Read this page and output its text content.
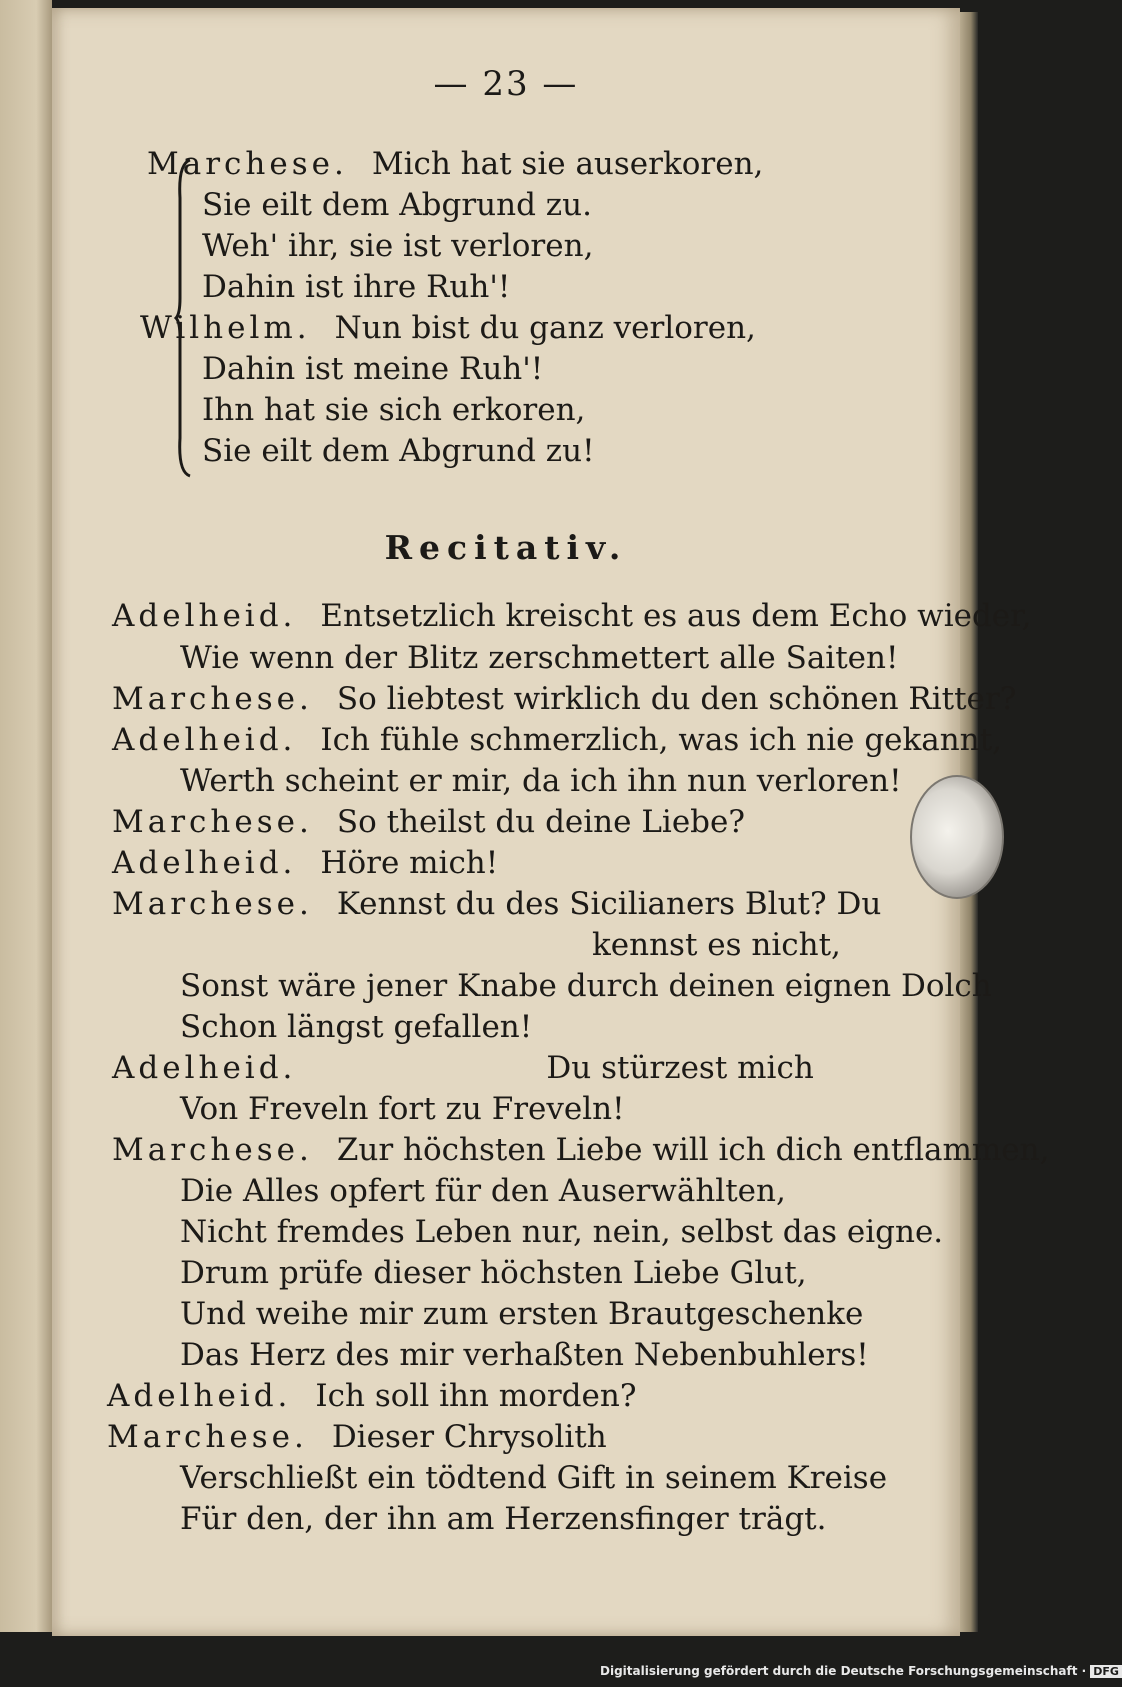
— 23 —
Marchese. Mich hat sie auserkoren,
Sie eilt dem Abgrund zu.
Weh' ihr, sie ist verloren,
Dahin ist ihre Ruh'!
Wilhelm. Nun bist du ganz verloren,
Dahin ist meine Ruh'!
Ihn hat sie sich erkoren,
Sie eilt dem Abgrund zu!
Recitativ.
Adelheid. Entsetzlich kreischt es aus dem Echo wieder,
Wie wenn der Blitz zerschmettert alle Saiten!
Marchese. So liebtest wirklich du den schönen Ritter?
Adelheid. Ich fühle schmerzlich, was ich nie gekannt,
Werth scheint er mir, da ich ihn nun verloren!
Marchese. So theilst du deine Liebe?
Adelheid. Höre mich!
Marchese. Kennst du des Sicilianers Blut? Du
kennst es nicht,
Sonst wäre jener Knabe durch deinen eignen Dolch
Schon längst gefallen!
Adelheid.	Du stürzest mich
Von Freveln fort zu Freveln!
Marchese. Zur höchsten Liebe will ich dich entflammen,
Die Alles opfert für den Auserwählten,
Nicht fremdes Leben nur, nein, selbst das eigne.
Drum prüfe dieser höchsten Liebe Glut,
Und weihe mir zum ersten Brautgeschenke
Das Herz des mir verhaßten Nebenbuhlers!
Adelheid. Ich soll ihn morden?
Marchese. Dieser Chrysolith
Verschließt ein tödtend Gift in seinem Kreise
Für den, der ihn am Herzensfinger trägt.
Digitalisierung gefördert durch die Deutsche Forschungsgemeinschaft · DFG
